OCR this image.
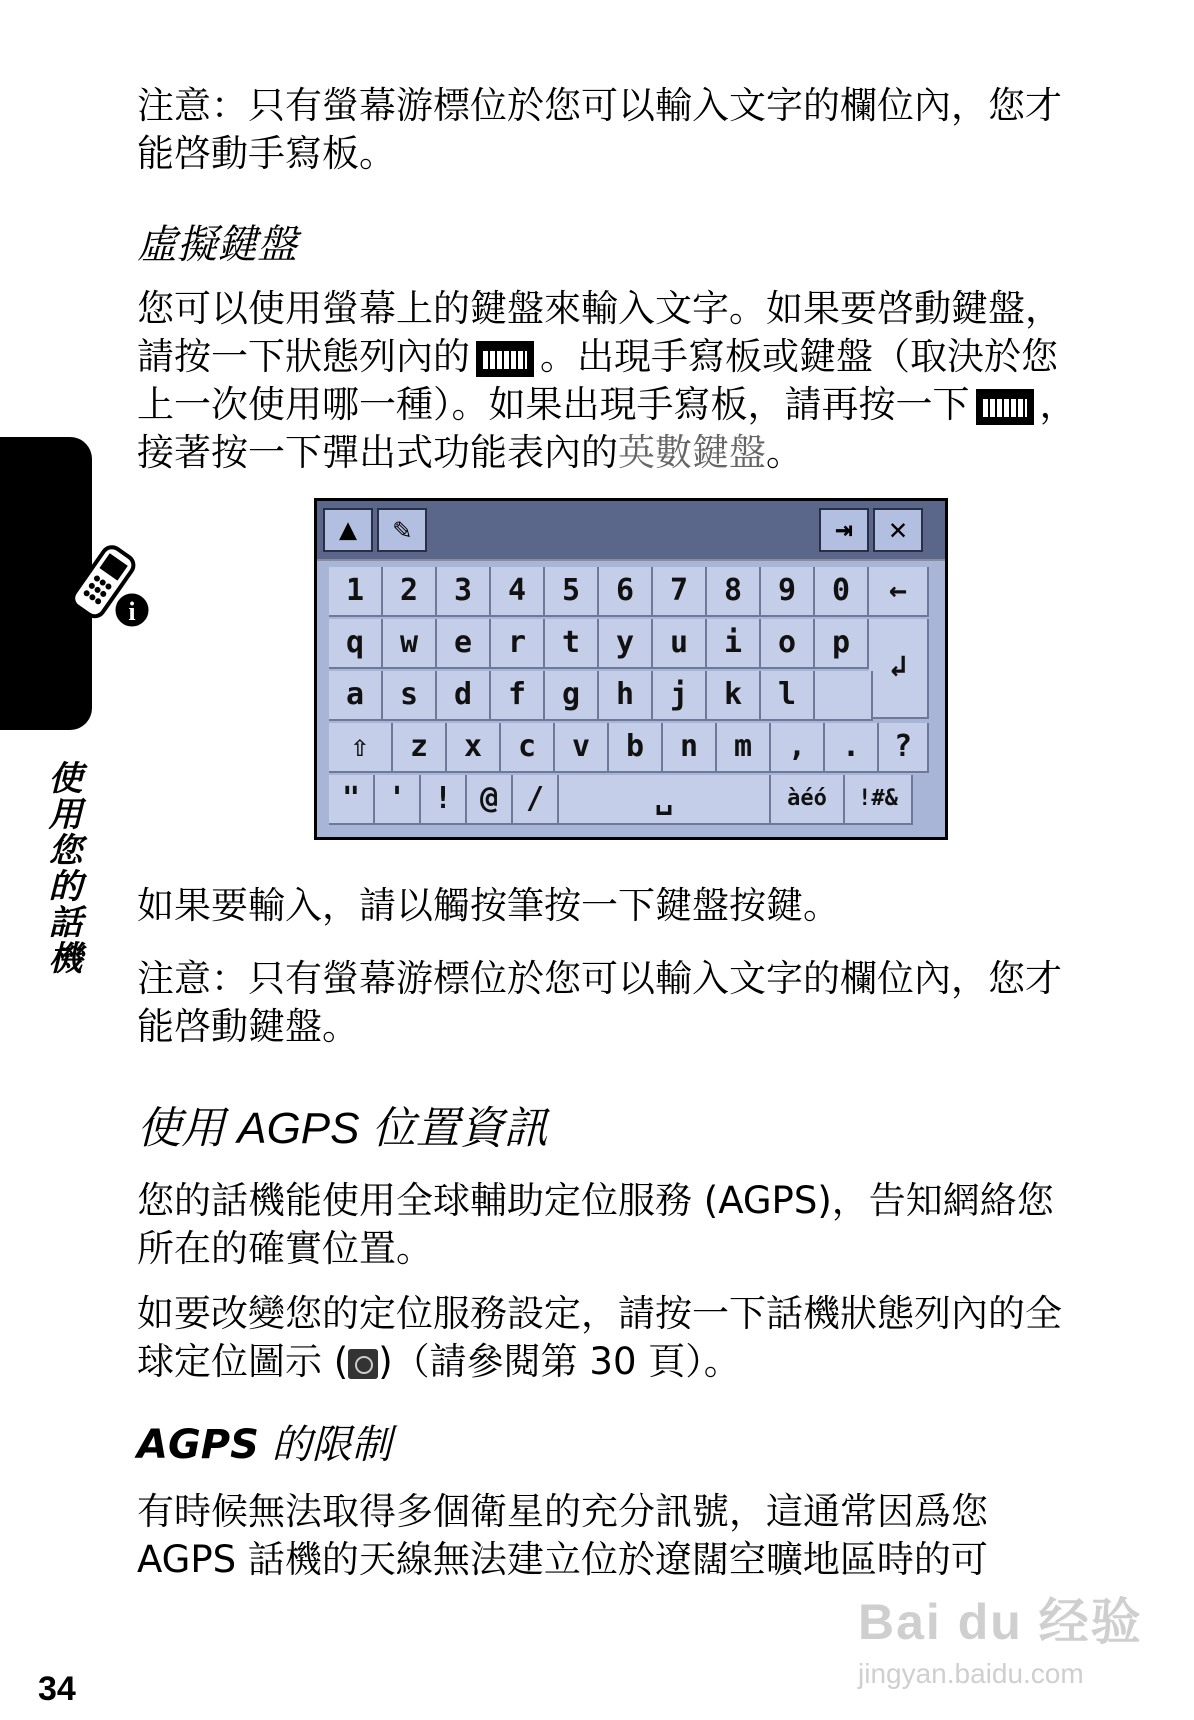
注意：只有螢幕游標位於您可以輸入文字的欄位內，您才能啓動手寫板。

虛擬鍵盤

您可以使用螢幕上的鍵盤來輸入文字。如果要啓動鍵盤，請按一下狀態列內的 。出現手寫板或鍵盤（取決於您上一次使用哪一種）。如果出現手寫板，請再按一下 ，接著按一下彈出式功能表內的英數鍵盤。

▲	✎	⇥	✕
1	2	3	4	5	6	7	8	9	0	←
q	w	e	r	t	y	u	i	o	p
↲
a	s	d	f	g	h	j	k	l
⇧	z	x	c	v	b	n	m	,	.	?
" ' ! @ /	␣	àéó	!#&

如果要輸入，請以觸按筆按一下鍵盤按鍵。

注意：只有螢幕游標位於您可以輸入文字的欄位內，您才能啓動鍵盤。

使用 AGPS 位置資訊

您的話機能使用全球輔助定位服務 (AGPS)，告知網絡您所在的確實位置。

如要改變您的定位服務設定，請按一下話機狀態列內的全球定位圖示 ( )（請參閱第 30 頁）。

AGPS 的限制

有時候無法取得多個衛星的充分訊號，這通常因爲您 AGPS 話機的天線無法建立位於遼闊空曠地區時的可

i
使用您的話機
34
Bai du 经验
jingyan.baidu.com
